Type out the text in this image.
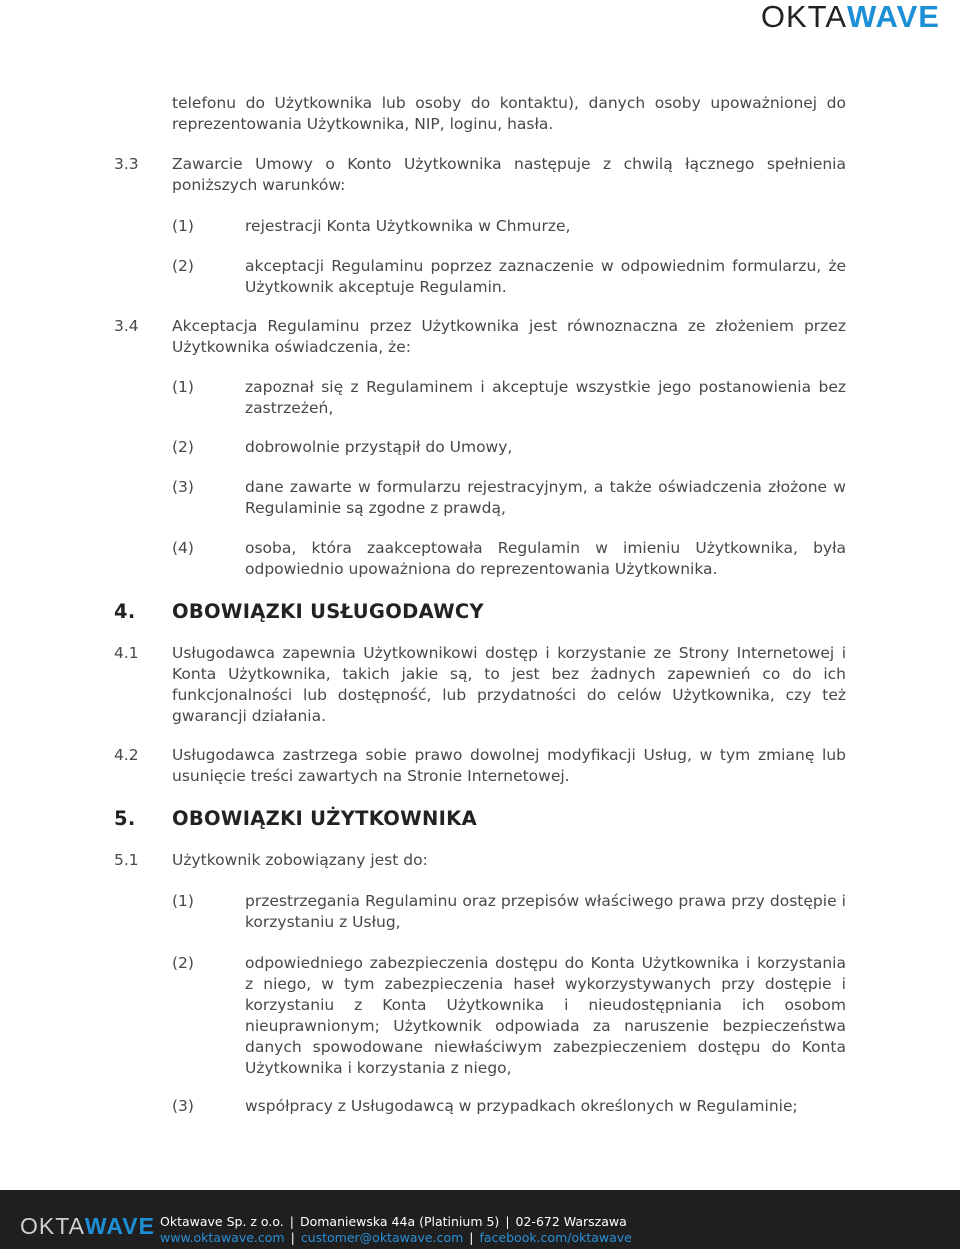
OKTAWAVE
telefonu do Użytkownika lub osoby do kontaktu), danych osoby upoważnionej do reprezentowania Użytkownika, NIP, loginu, hasła.
3.3 Zawarcie Umowy o Konto Użytkownika następuje z chwilą łącznego spełnienia poniższych warunków:
(1)	rejestracji Konta Użytkownika w Chmurze,
(2)	akceptacji Regulaminu poprzez zaznaczenie w odpowiednim formularzu, że Użytkownik akceptuje Regulamin.
3.4 Akceptacja Regulaminu przez Użytkownika jest równoznaczna ze złożeniem przez Użytkownika oświadczenia, że:
(1)	zapoznał się z Regulaminem i akceptuje wszystkie jego postanowienia bez zastrzeżeń,
(2)	dobrowolnie przystąpił do Umowy,
(3)	dane zawarte w formularzu rejestracyjnym, a także oświadczenia złożone w Regulaminie są zgodne z prawdą,
(4)	osoba, która zaakceptowała Regulamin w imieniu Użytkownika, była odpowiednio upoważniona do reprezentowania Użytkownika.
4. OBOWIĄZKI USŁUGODAWCY
4.1 Usługodawca zapewnia Użytkownikowi dostęp i korzystanie ze Strony Internetowej i Konta Użytkownika, takich jakie są, to jest bez żadnych zapewnień co do ich funkcjonalności lub dostępność, lub przydatności do celów Użytkownika, czy też gwarancji działania.
4.2 Usługodawca zastrzega sobie prawo dowolnej modyfikacji Usług, w tym zmianę lub usunięcie treści zawartych na Stronie Internetowej.
5. OBOWIĄZKI UŻYTKOWNIKA
5.1 Użytkownik zobowiązany jest do:
(1)	przestrzegania Regulaminu oraz przepisów właściwego prawa przy dostępie i korzystaniu z Usług,
(2)	odpowiedniego zabezpieczenia dostępu do Konta Użytkownika i korzystania z niego, w tym zabezpieczenia haseł wykorzystywanych przy dostępie i korzystaniu z Konta Użytkownika i nieudostępniania ich osobom nieuprawnionym; Użytkownik odpowiada za naruszenie bezpieczeństwa danych spowodowane niewłaściwym zabezpieczeniem dostępu do Konta Użytkownika i korzystania z niego,
(3)	współpracy z Usługodawcą w przypadkach określonych w Regulaminie;
OKTAWAVE Oktawave Sp. z o.o. | Domaniewska 44a (Platinium 5) | 02-672 Warszawa
www.oktawave.com | customer@oktawave.com | facebook.com/oktawave
